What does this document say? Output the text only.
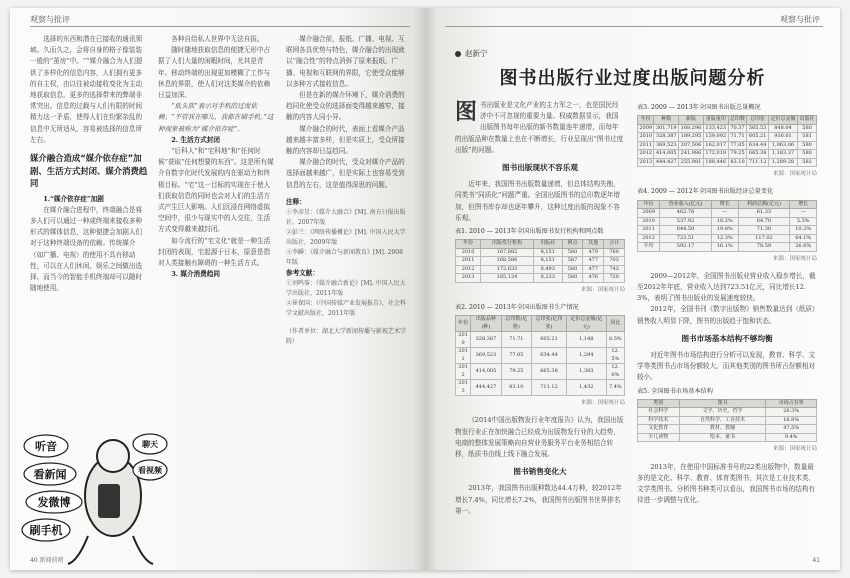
观察与批评

选择的东西和潜在已接收的通讯领域。久而久之，会将自身的格子像装装一般的“茧房”中。“”媒介融合为人们提供了多样化的信息内容，人们拥有更多的自主权，由以往被动接收变化为主动地获取信息，更多的选择带来的弊端非常突出。信息的过载与人们有限的时间精力这一矛盾，使得人们在纷繁杂乱的信息中无所适从，容易被选择的信息所左右。

媒介融合造成“媒介依存症”加剧、生活方式封闭、媒介消费趋同

1.“媒介依存症”加剧

在媒介融合进程中，终端融合是将多人们可以通过一种或终端来接收多种形式的媒体信息，这种便捷会加剧人们对于这种终端设备的依赖。传统媒介（如广播、电视）的使用不具有移动性，可以在人们休闲、娱乐之间做出选择。而当今的智能手机终端却可以随时随地使用。

各种自给私人世界中无法自拔。

随时随地获取信息的便捷无形中占据了人们大量的闲暇时间，尤其是青年。移动终端的出现更加模糊了工作与休息的界限，使人们对这类媒介的依赖日益加深。

“低头族”表示对手机的过度依赖；“不管我在哪儿，我都在刷手机。”这种现象被称为“媒介依存症”。

2. 生活方式封闭

“后科人”和“宅科地”和“任何时候”获取“任何想要的东西”。这是所有媒介自数字化时代发展的内在驱动力和终极目标。“宅”这一目标的实现在于使人们获取信息的同时也会对人们的生活方式产生巨大影响。人们沉浸在网络虚拟空间中，很少与现实中的人交往，生活方式变得越来越封闭。

如今流行的“宅文化”就是一种生活封闭的表现，宅起源于日本，原意是指对人类接触有障碍的一种生活方式。

3. 媒介消费趋同

媒介融合前，报纸、广播、电视、互联网各具优势与特色，媒介融合的出现就以“融合性”的特点消弭了原来报纸、广播、电视和互联网的界限，它使受众能够以多种方式接收信息。

但是在新的媒介环境下，媒介消费的趋同化使受众的选择面变得越来越窄，接触的内容大同小异。

媒介融合的时代，表面上看媒介产品越来越丰富多样，但是实质上，受众所接触的内容却日益趋同。

媒介融合的时代，受众对媒介产品的选择面越来越广，但是实际上也容易受到信息的左右，这是值得深思的问题。

注释：
①李彦星：《媒介大融合》[M]. 南方日报出版社，2007年版
②彭兰：《网络传播概论》[M]. 中国人民大学出版社，2009年版
③李瞬：《媒介融合与新闻教育》[M]. 2008年版
参考文献：
①刘鸣筝：《媒介融合新论》[M]. 中国人民大学出版社，2011年版
②崔保国：《中国传媒产业发展报告》，社会科学文献出版社，2011年版
（作者单位：湖北大学新闻传播与影视艺术学院）
听音
看新闻
发微博
刷手机
聊天
看视频
40 新闻前哨
观察与批评
赵新宁
图书出版行业过度出版问题分析

图书出版业是文化产业的主力军之一，也是国民经济中不可忽视的重要力量。权威数据显示，我国出版图书每年出版的新书数量连年递增，而每年的出版品种在数量上也在不断增长，行业呈现出“图书过度出版”的问题。

图书出版现状不容乐观

近年来，我国图书出版数量递增，但总体结构失衡，同类书“同质化”问题严重。全国出版图书的总印数逐年增加，但图书库存却也逐年攀升，这种过度出版的现象不容乐观。

表1. 2010 — 2013年全国出版图书发行机构和网点数
年份	出版发行机构	出版社	网点	其他	合计
2010	167,882	8,151	580	479	760
2011	168,586	8,151	587	477	703
2012	172,633	8,493	580	477	743
2013	185,124	8,233	580	476	720
来源：国家统计局
表2. 2010 — 2013年全国出版图书生产情况
年份	出版品种(种)	总印数(亿册)	总印张(亿印张)	定价总金额(亿元)	同比
2010	328,387	71.71	605.21	1,148	8.5%
2011	369,523	77.05	634.44	1,294	12.5%
2012	414,005	79.25	665.38	1,383	12.0%
2013	444,427	83.10	711.12	1,432	7.4%
来源：国家统计局

《2014中国出版物发行业年度报告》认为，我国出版物发行业正在加快融合已经成为出版物发行业的大趋势，电商的整体发展策略向自营业务服务平台业务相结合转移，纸质书由线上线下融合发展。

图书销售变化大

2013年，我国图书出版种数达44.4万种，较2012年增长7.4%，同比增长7.2%，我国图书出版图书世界排名第一。

表3. 2009 — 2013年全国图书出版总量概况
年份	种数	新版	重版重印	总印数	总印张	定价总金额	出版社
2009	301,719	168,296	133,423	70.37	565.53	848.04	580
2010	328,387	189,295	139,092	71.71	605.21	936.01	581
2011	369,523	207,506	162,017	77.05	634.44	1,063.06	580
2012	414,005	241,986	172,019	79.25	665.38	1,183.37	580
2013	444,427	255,981	188,446	83.10	711.12	1,289.28	582
来源：国家统计局
表4. 2009 — 2012年全国图书出版经济总量变化
年份	营业收入(亿元)	增长	利润总额(亿元)	增长
2009	462.76	—	61.33	—
2010	537.92	16.2%	64.70	5.5%
2011	644.50	19.8%	71.30	10.2%
2012	723.51	12.3%	117.02	64.1%
平均	592.17	16.1%	78.59	26.6%
来源：国家统计局

2009—2012年，全国图书出版业营业收入稳步增长，截至2012年年底，营业收入达到723.51亿元，同比增长12.3%，表明了图书出版业的发展速度较快。

2012年，全国书刊《数字出版物》销售数量达到（纸质）销售收入明显下降，图书的出版趋于饱和状态。

图书市场基本结构不够均衡

对近年图书市场结构进行分析可以发现，教育、科学、文学等类图书占市场份额较大，而其他类别的图书所占份额相对较小。

表5. 全国图书市场基本结构
类别	图书	市场占有率
社会科学	文学、历史、哲学	26.3%
科学技术	自然科学、工业技术	16.8%
文化教育	教材、教辅	47.5%
少儿读物	绘本、童书	9.4%
来源：国家统计局

2013年，在使用中国标准书号的22类出版物中，数量最多的是文化、科学、教育、体育类图书，其次是工业技术类、文学类图书。分析图书种类可以看出，我国图书市场的结构有待进一步调整与优化。

41
